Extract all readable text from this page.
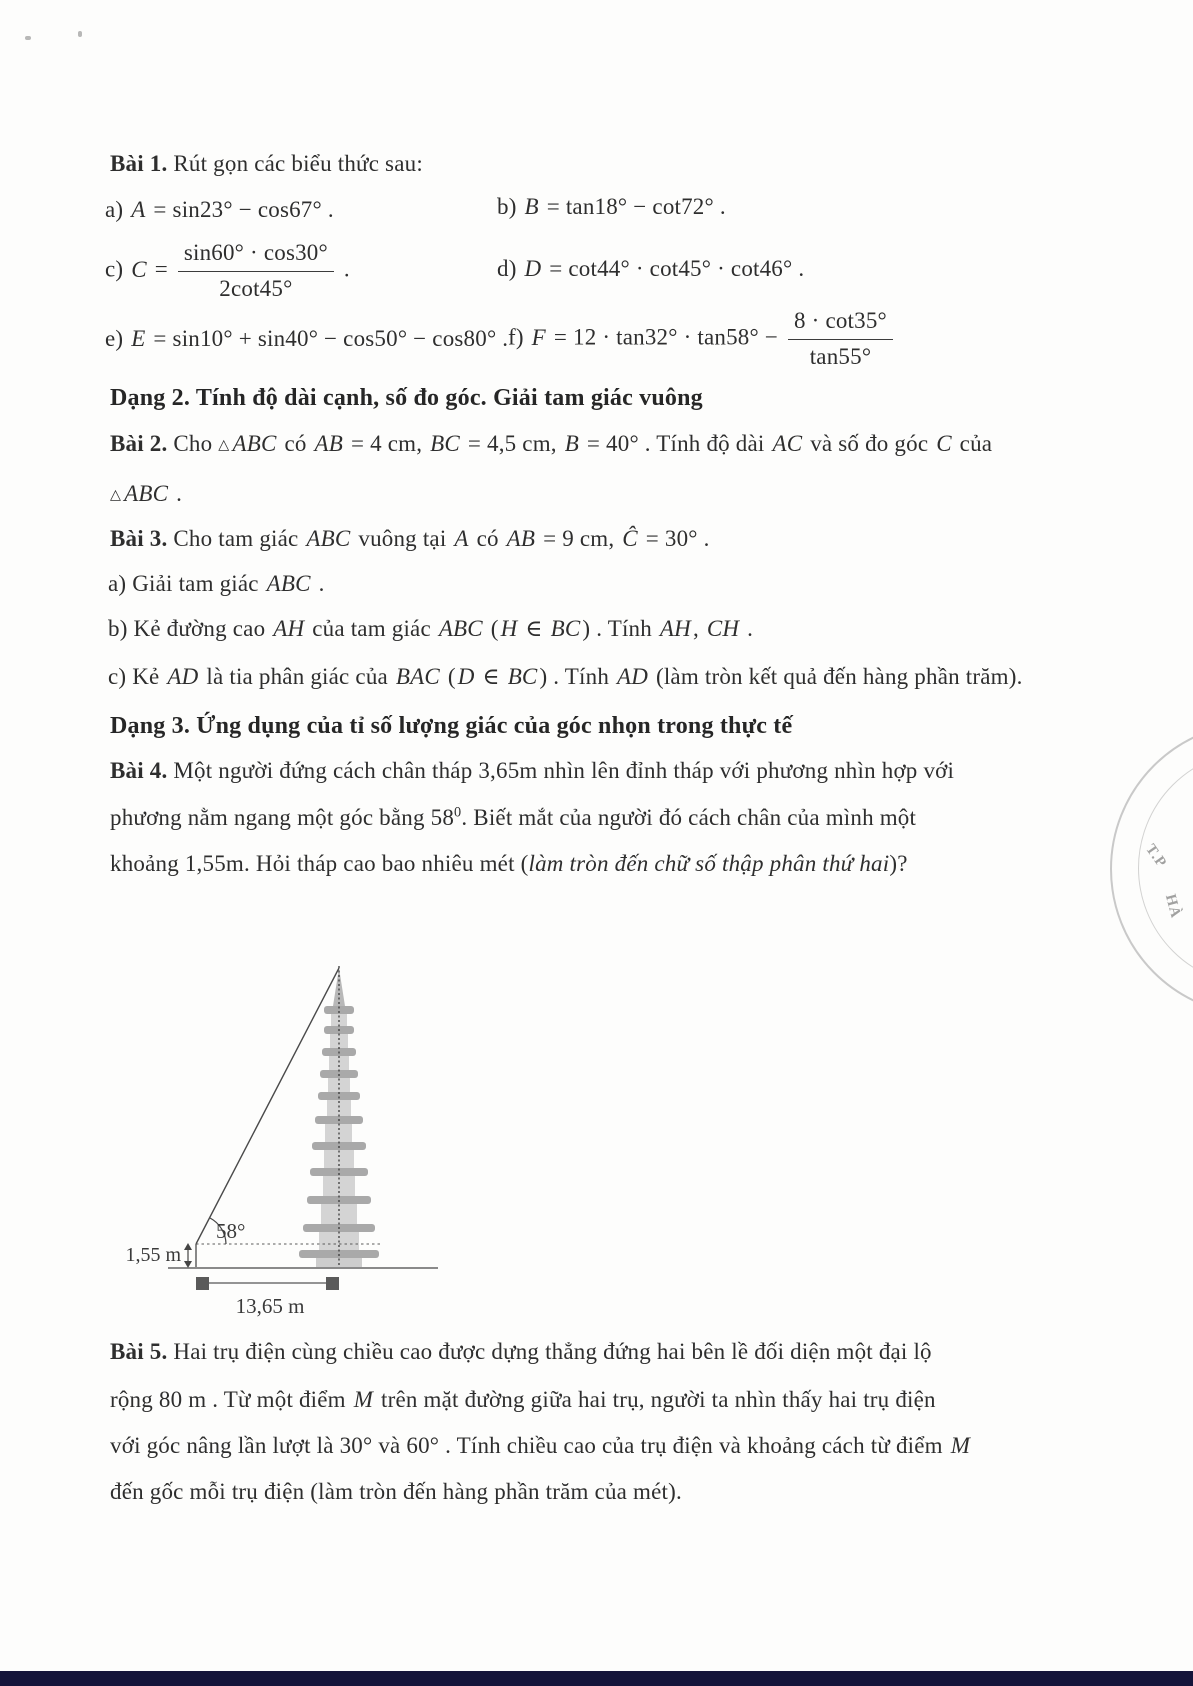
Bài 1. Rút gọn các biểu thức sau:
a) A = sin23° − cos67° .	b) B = tan18° − cot72° .
c) $C = \frac{\sin 60^\circ \cdot \cos 30^\circ}{2\cot 45^\circ}$ .	d) D = cot44° · cot45° · cot46° .
e) E = sin10° + sin40° − cos50° − cos80° . f) $F = 12 \cdot \tan 32^\circ \cdot \tan 58^\circ - \frac{8 \cdot \cot 35^\circ}{\tan 55^\circ}$
Dạng 2. Tính độ dài cạnh, số đo góc. Giải tam giác vuông
Bài 2. Cho △ ABC có AB = 4 cm, BC = 4,5 cm, B = 40° . Tính độ dài AC và số đo góc C của
△ ABC .
Bài 3. Cho tam giác ABC vuông tại A có AB = 9 cm, Ĉ = 30° .
a) Giải tam giác ABC .
b) Kẻ đường cao AH của tam giác ABC (H ∈ BC) . Tính AH, CH .
c) Kẻ AD là tia phân giác của BAC (D ∈ BC) . Tính AD (làm tròn kết quả đến hàng phần trăm).
Dạng 3. Ứng dụng của tỉ số lượng giác của góc nhọn trong thực tế
Bài 4. Một người đứng cách chân tháp 3,65m nhìn lên đỉnh tháp với phương nhìn hợp với
phương nằm ngang một góc bằng $58^0$. Biết mắt của người đó cách chân của mình một
khoảng 1,55m. Hỏi tháp cao bao nhiêu mét (làm tròn đến chữ số thập phân thứ hai)?
58°
1,55 m
13,65 m
Bài 5. Hai trụ điện cùng chiều cao được dựng thẳng đứng hai bên lề đối diện một đại lộ
rộng 80 m . Từ một điểm M trên mặt đường giữa hai trụ, người ta nhìn thấy hai trụ điện
với góc nâng lần lượt là 30° và 60° . Tính chiều cao của trụ điện và khoảng cách từ điểm M
đến gốc mỗi trụ điện (làm tròn đến hàng phần trăm của mét).
T.P
HÀ
